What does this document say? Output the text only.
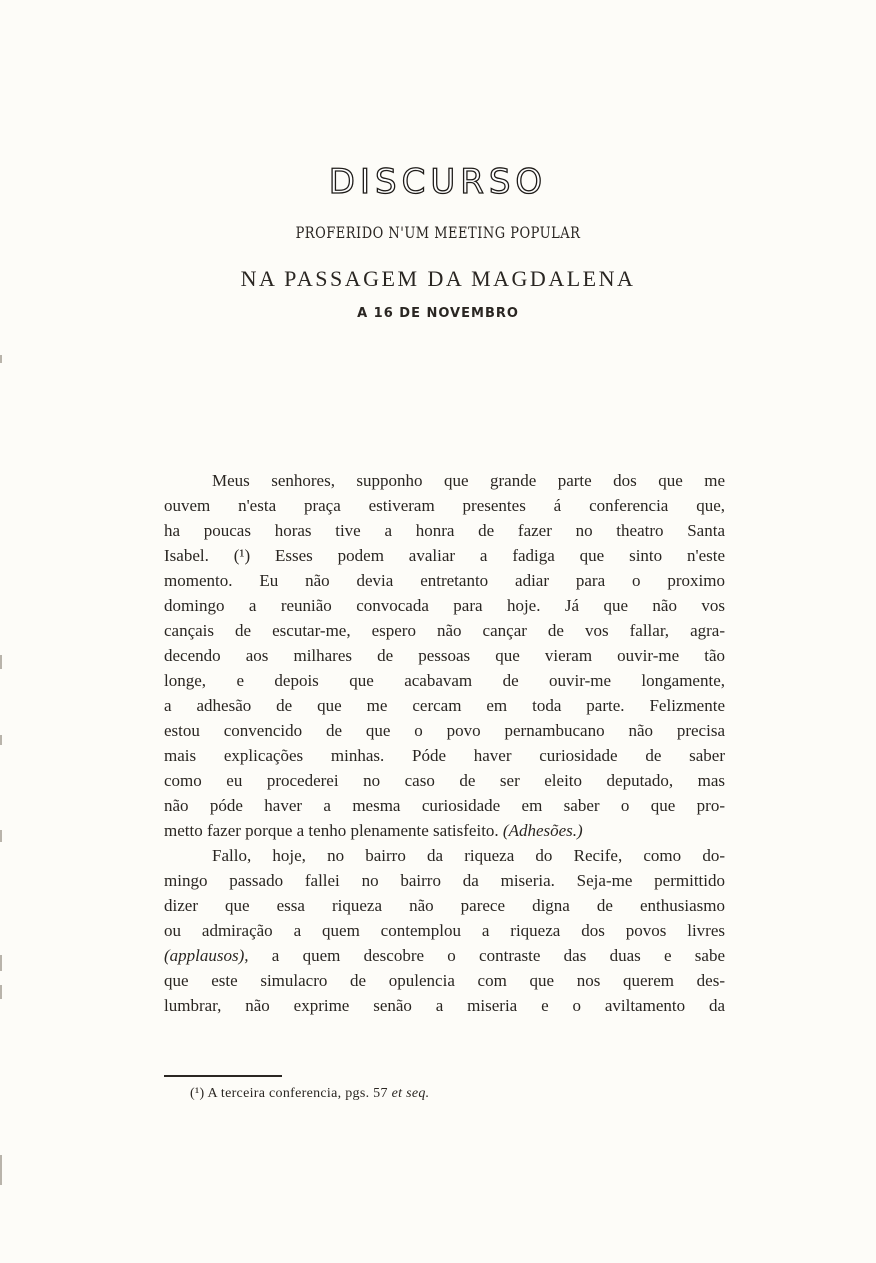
DISCURSO
PROFERIDO N'UM MEETING POPULAR
NA PASSAGEM DA MAGDALENA
A 16 DE NOVEMBRO
Meus senhores, supponho que grande parte dos que me
ouvem n'esta praça estiveram presentes á conferencia que,
ha poucas horas tive a honra de fazer no theatro Santa
Isabel. (¹) Esses podem avaliar a fadiga que sinto n'este
momento. Eu não devia entretanto adiar para o proximo
domingo a reunião convocada para hoje. Já que não vos
cançais de escutar-me, espero não cançar de vos fallar, agra-
decendo aos milhares de pessoas que vieram ouvir-me tão
longe, e depois que acabavam de ouvir-me longamente,
a adhesão de que me cercam em toda parte. Felizmente
estou convencido de que o povo pernambucano não precisa
mais explicações minhas. Póde haver curiosidade de saber
como eu procederei no caso de ser eleito deputado, mas
não póde haver a mesma curiosidade em saber o que pro-
metto fazer porque a tenho plenamente satisfeito. (Adhesões.)
Fallo, hoje, no bairro da riqueza do Recife, como do-
mingo passado fallei no bairro da miseria. Seja-me permittido
dizer que essa riqueza não parece digna de enthusiasmo
ou admiração a quem contemplou a riqueza dos povos livres
(applausos), a quem descobre o contraste das duas e sabe
que este simulacro de opulencia com que nos querem des-
lumbrar, não exprime senão a miseria e o aviltamento da
(¹) A terceira conferencia, pgs. 57 et seq.
